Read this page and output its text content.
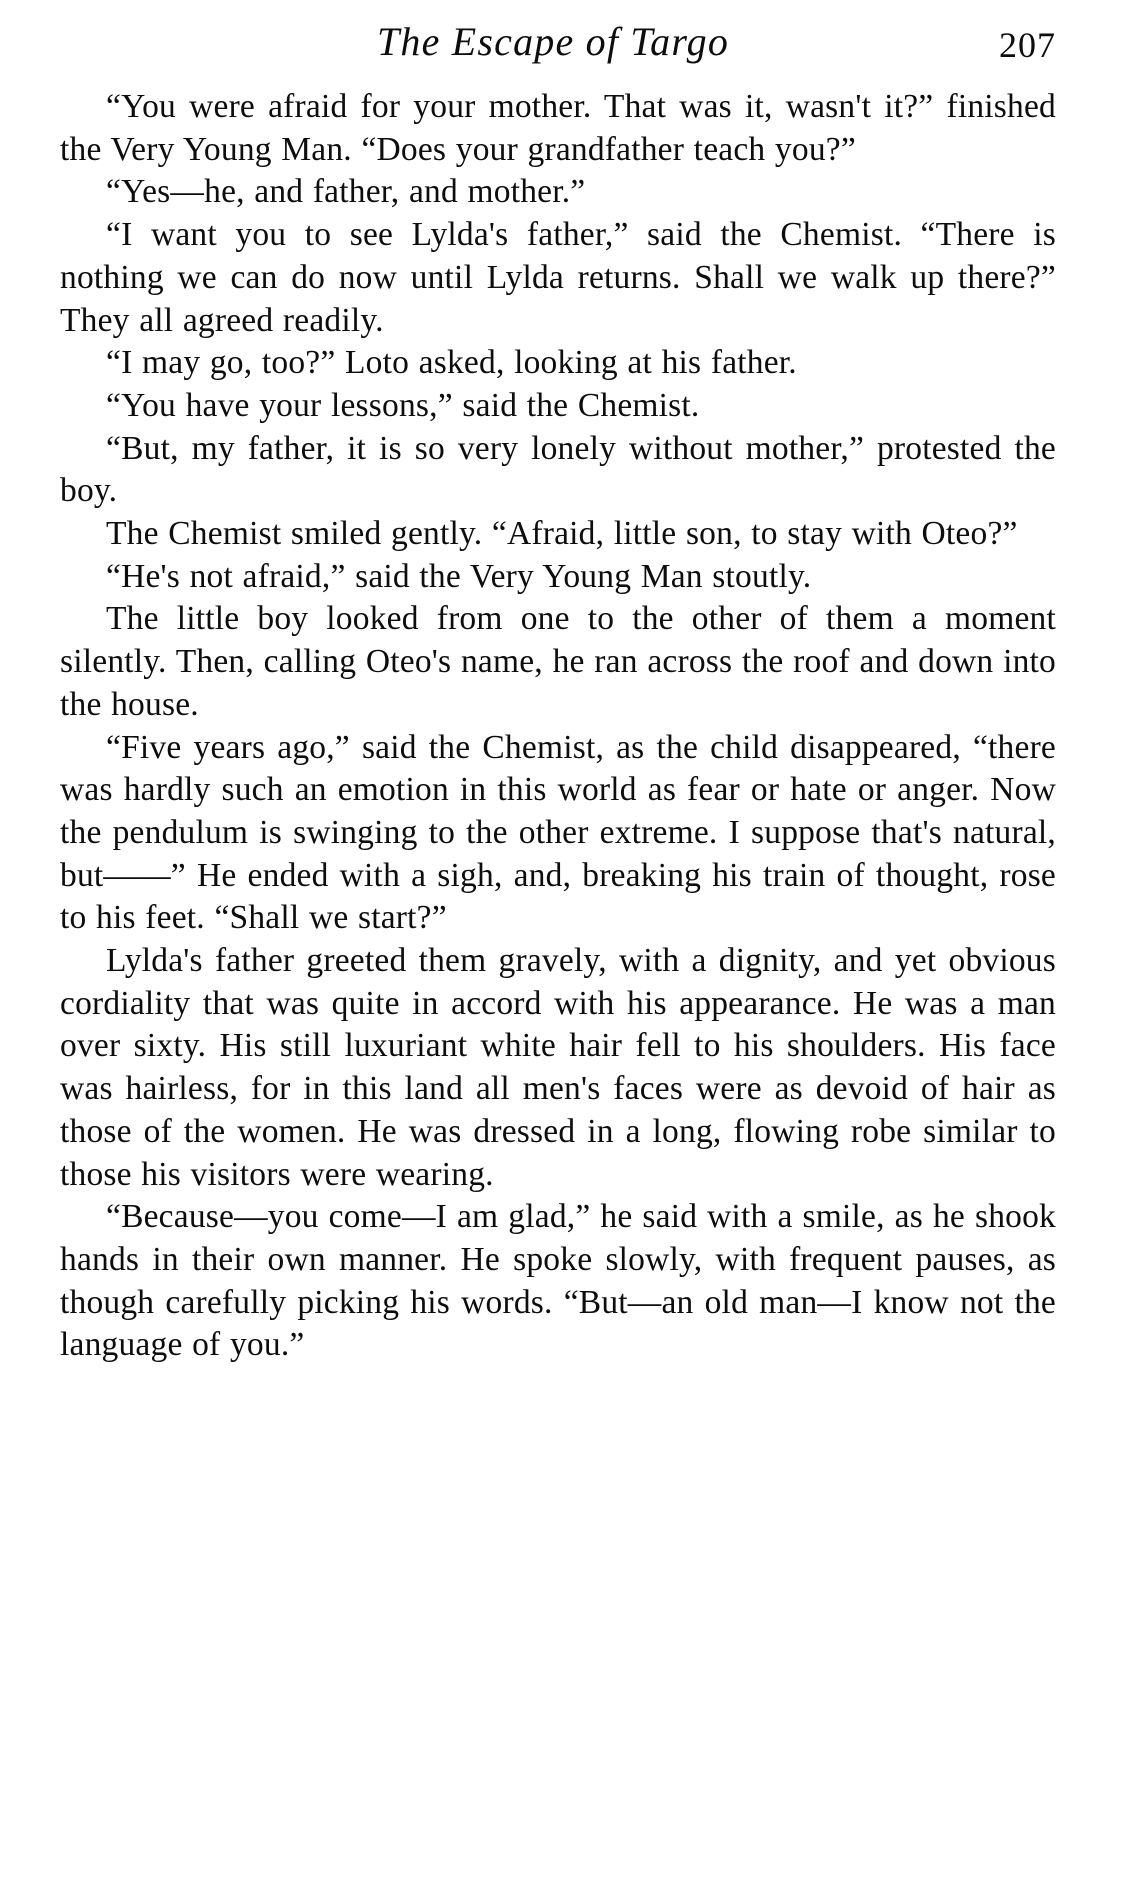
The Escape of Targo	207

“You were afraid for your mother. That was it, wasn't it?” finished the Very Young Man. “Does your grandfather teach you?”

“Yes—he, and father, and mother.”

“I want you to see Lylda's father,” said the Chemist. “There is nothing we can do now until Lylda returns. Shall we walk up there?” They all agreed readily.

“I may go, too?” Loto asked, looking at his father.

“You have your lessons,” said the Chemist.

“But, my father, it is so very lonely without mother,” protested the boy.

The Chemist smiled gently. “Afraid, little son, to stay with Oteo?”

“He's not afraid,” said the Very Young Man stoutly.

The little boy looked from one to the other of them a moment silently. Then, calling Oteo's name, he ran across the roof and down into the house.

“Five years ago,” said the Chemist, as the child disappeared, “there was hardly such an emotion in this world as fear or hate or anger. Now the pendulum is swinging to the other extreme. I suppose that's natural, but——” He ended with a sigh, and, breaking his train of thought, rose to his feet. “Shall we start?”

Lylda's father greeted them gravely, with a dignity, and yet obvious cordiality that was quite in accord with his appearance. He was a man over sixty. His still luxuriant white hair fell to his shoulders. His face was hairless, for in this land all men's faces were as devoid of hair as those of the women. He was dressed in a long, flowing robe similar to those his visitors were wearing.

“Because—you come—I am glad,” he said with a smile, as he shook hands in their own manner. He spoke slowly, with frequent pauses, as though carefully picking his words. “But—an old man—I know not the language of you.”
